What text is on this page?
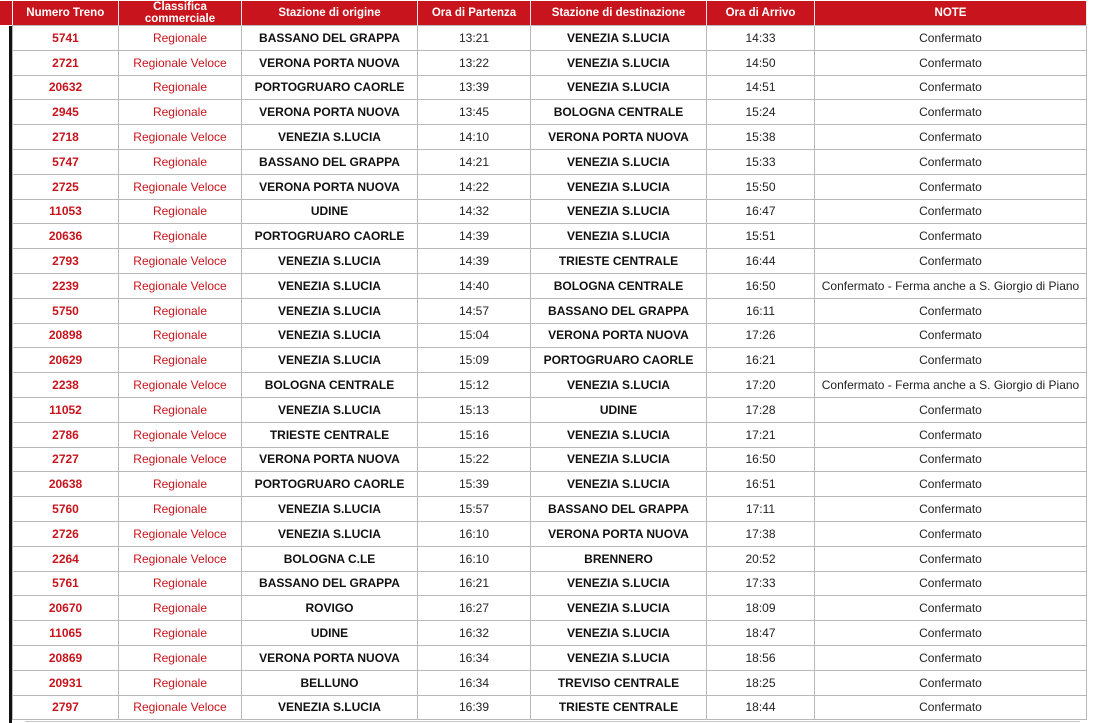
Numero Treno	Classifica commerciale	Stazione di origine	Ora di Partenza	Stazione di destinazione	Ora di Arrivo	NOTE
5741	Regionale	BASSANO DEL GRAPPA	13:21	VENEZIA S.LUCIA	14:33	Confermato
2721	Regionale Veloce	VERONA PORTA NUOVA	13:22	VENEZIA S.LUCIA	14:50	Confermato
20632	Regionale	PORTOGRUARO CAORLE	13:39	VENEZIA S.LUCIA	14:51	Confermato
2945	Regionale	VERONA PORTA NUOVA	13:45	BOLOGNA CENTRALE	15:24	Confermato
2718	Regionale Veloce	VENEZIA S.LUCIA	14:10	VERONA PORTA NUOVA	15:38	Confermato
5747	Regionale	BASSANO DEL GRAPPA	14:21	VENEZIA S.LUCIA	15:33	Confermato
2725	Regionale Veloce	VERONA PORTA NUOVA	14:22	VENEZIA S.LUCIA	15:50	Confermato
11053	Regionale	UDINE	14:32	VENEZIA S.LUCIA	16:47	Confermato
20636	Regionale	PORTOGRUARO CAORLE	14:39	VENEZIA S.LUCIA	15:51	Confermato
2793	Regionale Veloce	VENEZIA S.LUCIA	14:39	TRIESTE CENTRALE	16:44	Confermato
2239	Regionale Veloce	VENEZIA S.LUCIA	14:40	BOLOGNA CENTRALE	16:50	Confermato - Ferma anche a S. Giorgio di Piano
5750	Regionale	VENEZIA S.LUCIA	14:57	BASSANO DEL GRAPPA	16:11	Confermato
20898	Regionale	VENEZIA S.LUCIA	15:04	VERONA PORTA NUOVA	17:26	Confermato
20629	Regionale	VENEZIA S.LUCIA	15:09	PORTOGRUARO CAORLE	16:21	Confermato
2238	Regionale Veloce	BOLOGNA CENTRALE	15:12	VENEZIA S.LUCIA	17:20	Confermato - Ferma anche a S. Giorgio di Piano
11052	Regionale	VENEZIA S.LUCIA	15:13	UDINE	17:28	Confermato
2786	Regionale Veloce	TRIESTE CENTRALE	15:16	VENEZIA S.LUCIA	17:21	Confermato
2727	Regionale Veloce	VERONA PORTA NUOVA	15:22	VENEZIA S.LUCIA	16:50	Confermato
20638	Regionale	PORTOGRUARO CAORLE	15:39	VENEZIA S.LUCIA	16:51	Confermato
5760	Regionale	VENEZIA S.LUCIA	15:57	BASSANO DEL GRAPPA	17:11	Confermato
2726	Regionale Veloce	VENEZIA S.LUCIA	16:10	VERONA PORTA NUOVA	17:38	Confermato
2264	Regionale Veloce	BOLOGNA C.LE	16:10	BRENNERO	20:52	Confermato
5761	Regionale	BASSANO DEL GRAPPA	16:21	VENEZIA S.LUCIA	17:33	Confermato
20670	Regionale	ROVIGO	16:27	VENEZIA S.LUCIA	18:09	Confermato
11065	Regionale	UDINE	16:32	VENEZIA S.LUCIA	18:47	Confermato
20869	Regionale	VERONA PORTA NUOVA	16:34	VENEZIA S.LUCIA	18:56	Confermato
20931	Regionale	BELLUNO	16:34	TREVISO CENTRALE	18:25	Confermato
2797	Regionale Veloce	VENEZIA S.LUCIA	16:39	TRIESTE CENTRALE	18:44	Confermato
